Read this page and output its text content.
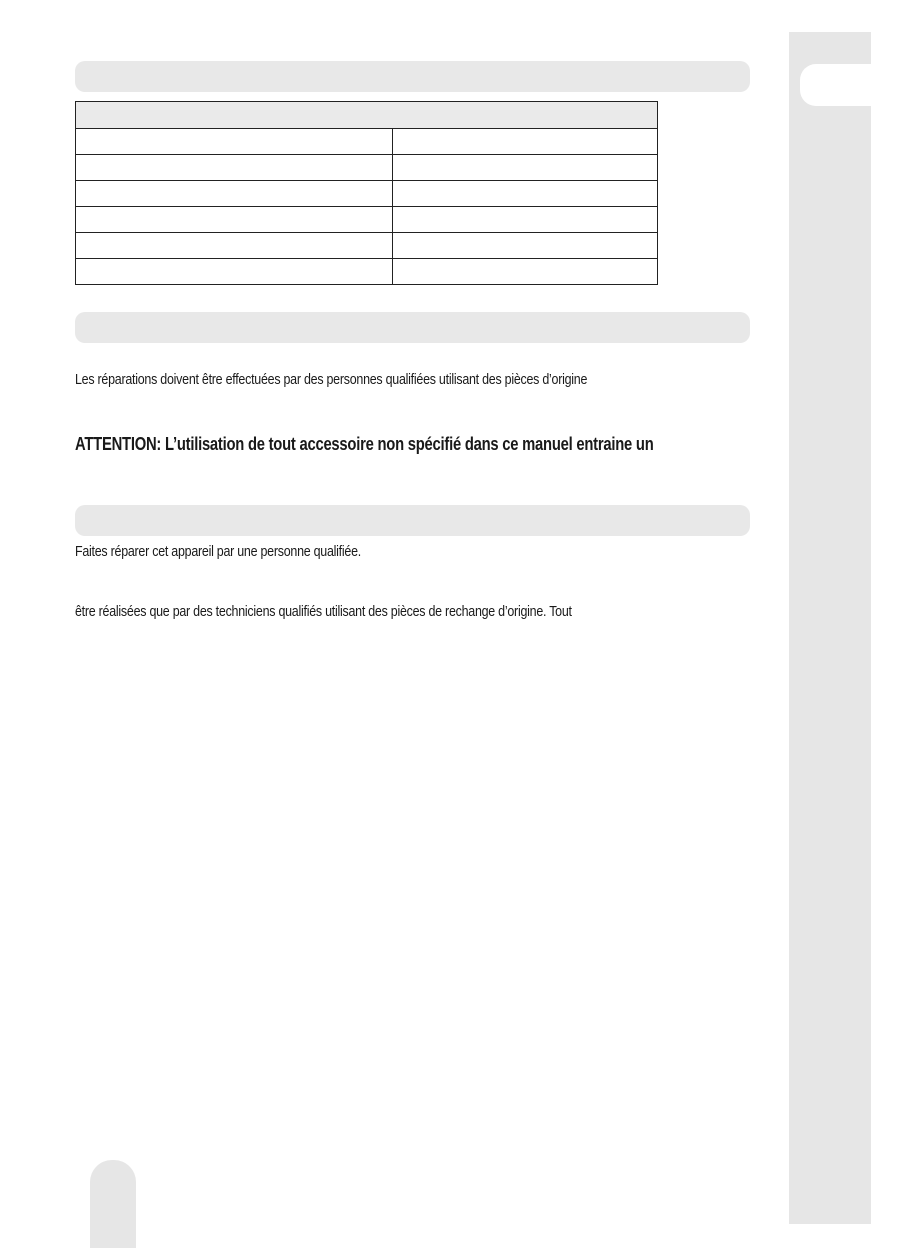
Les réparations doivent être effectuées par des personnes qualifiées utilisant des pièces d’origine

ATTENTION: L’utilisation de tout accessoire non spécifié dans ce manuel entraine un

Faites réparer cet appareil par une personne qualifiée.

être réalisées que par des techniciens qualifiés utilisant des pièces de rechange d’origine. Tout
